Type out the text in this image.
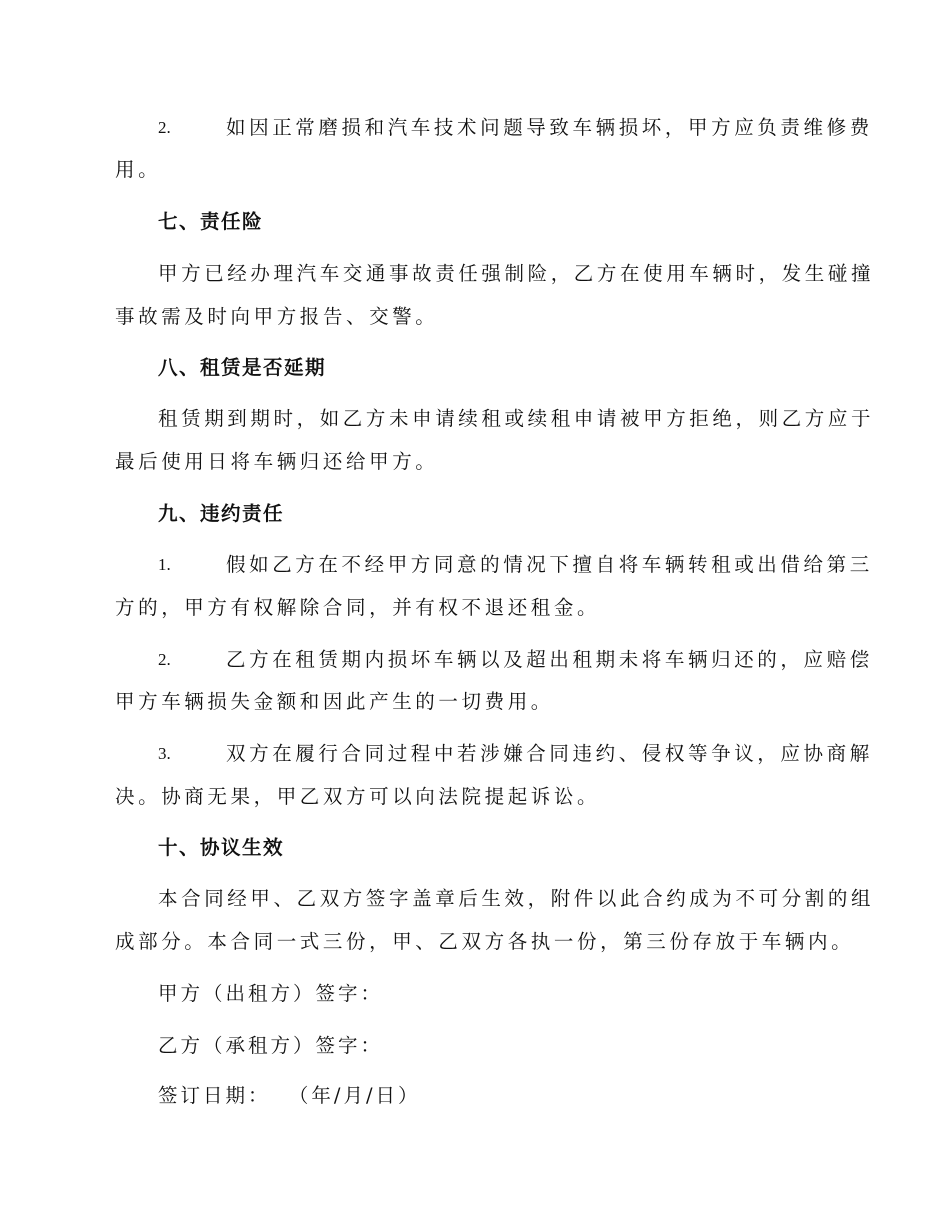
2.	如因正常磨损和汽车技术问题导致车辆损坏，甲方应负责维修费
用。
七、责任险
甲方已经办理汽车交通事故责任强制险，乙方在使用车辆时，发生碰撞
事故需及时向甲方报告、交警。
八、租赁是否延期
租赁期到期时，如乙方未申请续租或续租申请被甲方拒绝，则乙方应于
最后使用日将车辆归还给甲方。
九、违约责任
1.	假如乙方在不经甲方同意的情况下擅自将车辆转租或出借给第三
方的，甲方有权解除合同，并有权不退还租金。
2.	乙方在租赁期内损坏车辆以及超出租期未将车辆归还的，应赔偿
甲方车辆损失金额和因此产生的一切费用。
3.	双方在履行合同过程中若涉嫌合同违约、侵权等争议，应协商解
决。协商无果，甲乙双方可以向法院提起诉讼。
十、协议生效
本合同经甲、乙双方签字盖章后生效，附件以此合约成为不可分割的组
成部分。本合同一式三份，甲、乙双方各执一份，第三份存放于车辆内。
甲方（出租方）签字：
乙方（承租方）签字：
签订日期：  （年/月/日）
